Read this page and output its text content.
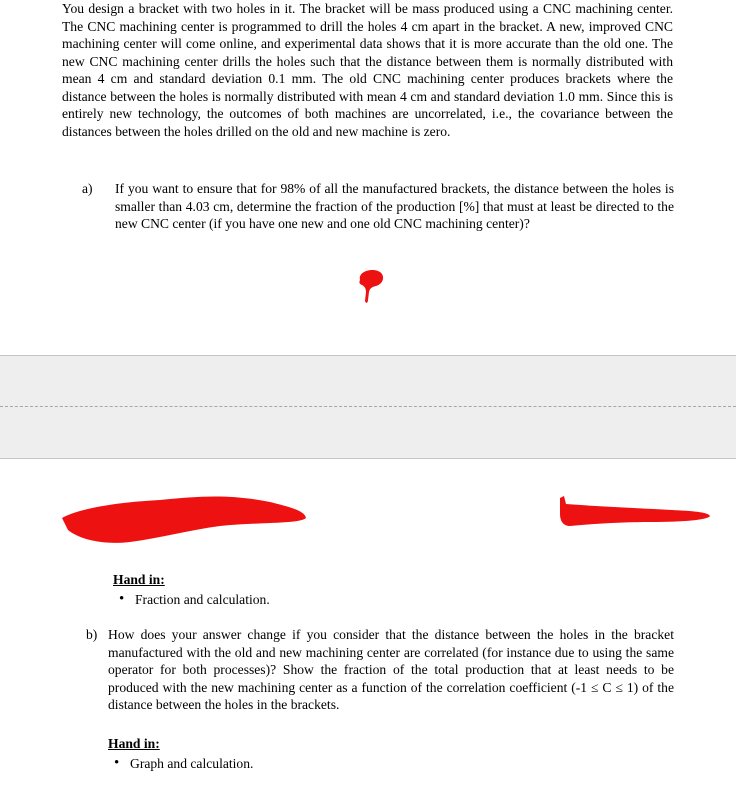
You design a bracket with two holes in it. The bracket will be mass produced using a CNC machining center. The CNC machining center is programmed to drill the holes 4 cm apart in the bracket. A new, improved CNC machining center will come online, and experimental data shows that it is more accurate than the old one. The new CNC machining center drills the holes such that the distance between them is normally distributed with mean 4 cm and standard deviation 0.1 mm. The old CNC machining center produces brackets where the distance between the holes is normally distributed with mean 4 cm and standard deviation 1.0 mm. Since this is entirely new technology, the outcomes of both machines are uncorrelated, i.e., the covariance between the distances between the holes drilled on the old and new machine is zero.

a) If you want to ensure that for 98% of all the manufactured brackets, the distance between the holes is smaller than 4.03 cm, determine the fraction of the production [%] that must at least be directed to the new CNC center (if you have one new and one old CNC machining center)?
Hand in:
• Fraction and calculation.
b) How does your answer change if you consider that the distance between the holes in the bracket manufactured with the old and new machining center are correlated (for instance due to using the same operator for both processes)? Show the fraction of the total production that at least needs to be produced with the new machining center as a function of the correlation coefficient (-1 ≤ C ≤ 1) of the distance between the holes in the brackets.
Hand in:
• Graph and calculation.
